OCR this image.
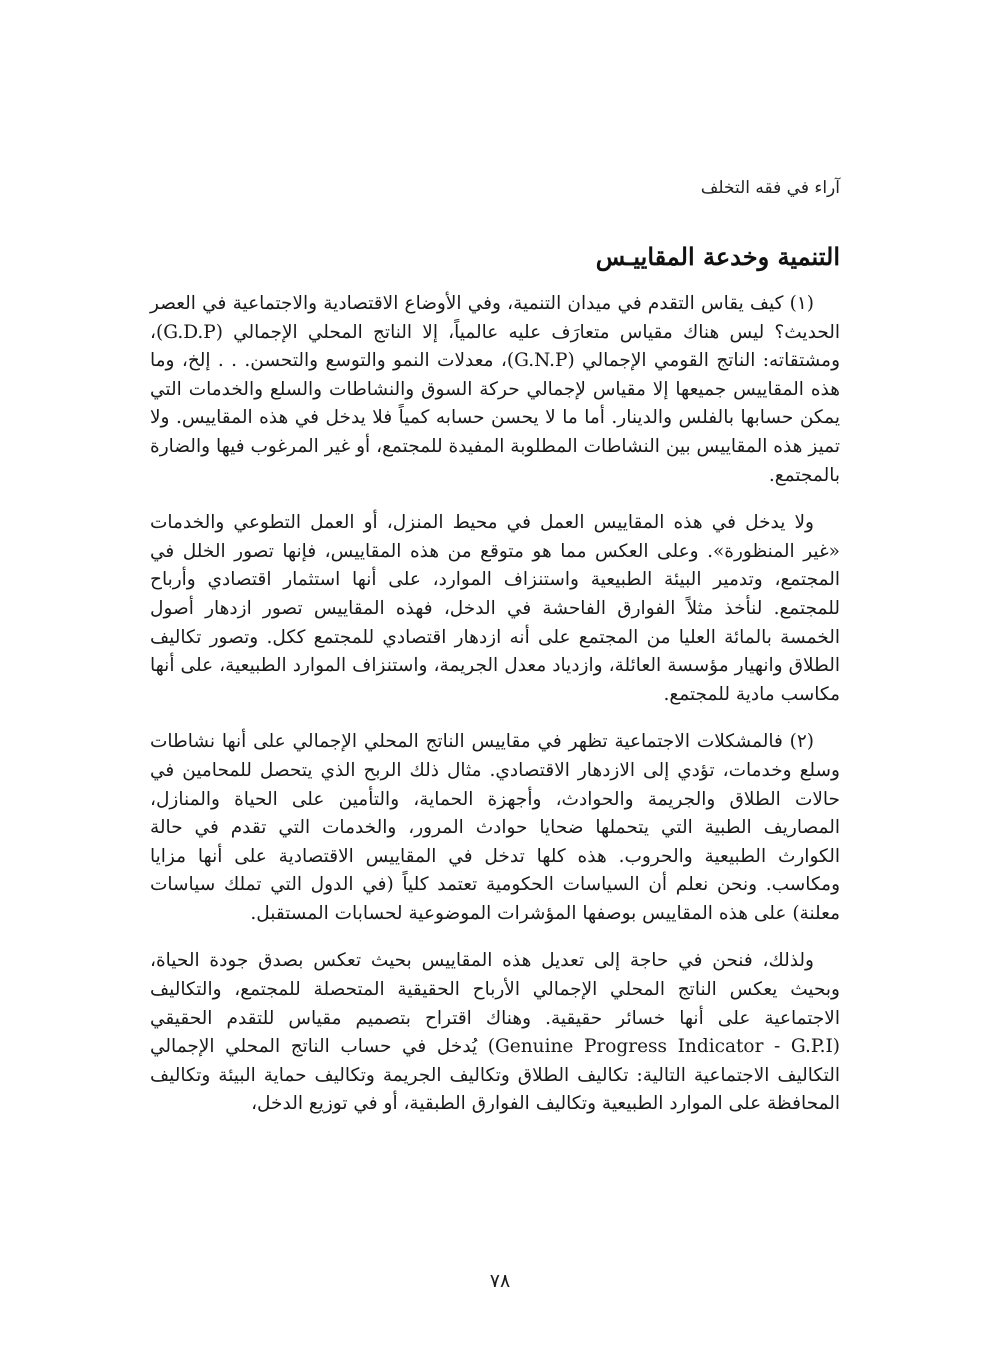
آراء في فقه التخلف
التنمية وخدعة المقاييـس

(١) كيف يقاس التقدم في ميدان التنمية، وفي الأوضاع الاقتصادية والاجتماعية في العصر الحديث؟ ليس هناك مقياس متعارَف عليه عالمياً، إلا الناتج المحلي الإجمالي (G.D.P)، ومشتقاته: الناتج القومي الإجمالي (G.N.P)، معدلات النمو والتوسع والتحسن. . . إلخ، وما هذه المقاييس جميعها إلا مقياس لإجمالي حركة السوق والنشاطات والسلع والخدمات التي يمكن حسابها بالفلس والدينار. أما ما لا يحسن حسابه كمياً فلا يدخل في هذه المقاييس. ولا تميز هذه المقاييس بين النشاطات المطلوبة المفيدة للمجتمع، أو غير المرغوب فيها والضارة بالمجتمع.

ولا يدخل في هذه المقاييس العمل في محيط المنزل، أو العمل التطوعي والخدمات «غير المنظورة». وعلى العكس مما هو متوقع من هذه المقاييس، فإنها تصور الخلل في المجتمع، وتدمير البيئة الطبيعية واستنزاف الموارد، على أنها استثمار اقتصادي وأرباح للمجتمع. لنأخذ مثلاً الفوارق الفاحشة في الدخل، فهذه المقاييس تصور ازدهار أصول الخمسة بالمائة العليا من المجتمع على أنه ازدهار اقتصادي للمجتمع ككل. وتصور تكاليف الطلاق وانهيار مؤسسة العائلة، وازدياد معدل الجريمة، واستنزاف الموارد الطبيعية، على أنها مكاسب مادية للمجتمع.

(٢) فالمشكلات الاجتماعية تظهر في مقاييس الناتج المحلي الإجمالي على أنها نشاطات وسلع وخدمات، تؤدي إلى الازدهار الاقتصادي. مثال ذلك الربح الذي يتحصل للمحامين في حالات الطلاق والجريمة والحوادث، وأجهزة الحماية، والتأمين على الحياة والمنازل، المصاريف الطبية التي يتحملها ضحايا حوادث المرور، والخدمات التي تقدم في حالة الكوارث الطبيعية والحروب. هذه كلها تدخل في المقاييس الاقتصادية على أنها مزايا ومكاسب. ونحن نعلم أن السياسات الحكومية تعتمد كلياً (في الدول التي تملك سياسات معلنة) على هذه المقاييس بوصفها المؤشرات الموضوعية لحسابات المستقبل.

ولذلك، فنحن في حاجة إلى تعديل هذه المقاييس بحيث تعكس بصدق جودة الحياة، وبحيث يعكس الناتج المحلي الإجمالي الأرباح الحقيقية المتحصلة للمجتمع، والتكاليف الاجتماعية على أنها خسائر حقيقية. وهناك اقتراح بتصميم مقياس للتقدم الحقيقي (Genuine Progress Indicator - G.P.I) يُدخل في حساب الناتج المحلي الإجمالي التكاليف الاجتماعية التالية: تكاليف الطلاق وتكاليف الجريمة وتكاليف حماية البيئة وتكاليف المحافظة على الموارد الطبيعية وتكاليف الفوارق الطبقية، أو في توزيع الدخل،

٧٨
